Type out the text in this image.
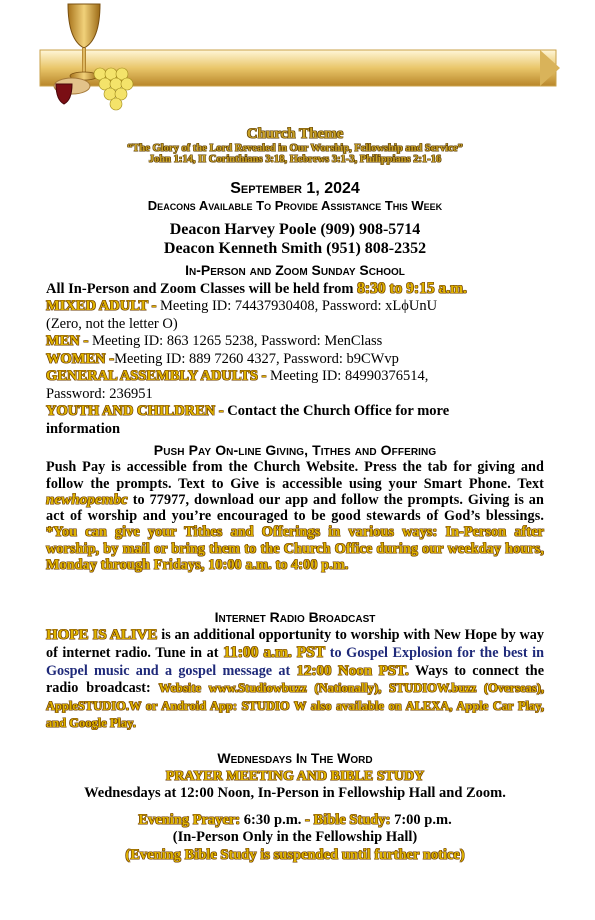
Church Theme
“The Glory of the Lord Revealed in Our Worship, Fellowship and Service”
John 1:14, II Corinthians 3:18, Hebrews 3:1-3, Philippians 2:1-16
September 1, 2024
Deacons Available To Provide Assistance This Week
Deacon Harvey Poole (909) 908-5714
Deacon Kenneth Smith (951) 808-2352
In-Person and Zoom Sunday School
All In-Person and Zoom Classes will be held from 8:30 to 9:15 a.m.
MIXED ADULT - Meeting ID: 74437930408, Password: xLϕUnU
(Zero, not the letter O)
MEN - Meeting ID: 863 1265 5238, Password: MenClass
WOMEN -Meeting ID: 889 7260 4327, Password: b9CWvp
GENERAL ASSEMBLY ADULTS - Meeting ID: 84990376514,
Password: 236951
YOUTH AND CHILDREN - Contact the Church Office for more
information
Push Pay On-line Giving, Tithes and Offering
Push Pay is accessible from the Church Website. Press the tab for giving and follow the prompts. Text to Give is accessible using your Smart Phone. Text newhopembc to 77977, download our app and follow the prompts. Giving is an act of worship and you’re encouraged to be good stewards of God’s blessings. *You can give your Tithes and Offerings in various ways: In-Person after worship, by mail or bring them to the Church Office during our weekday hours, Monday through Fridays, 10:00 a.m. to 4:00 p.m.
Internet Radio Broadcast
HOPE IS ALIVE is an additional opportunity to worship with New Hope by way of internet radio. Tune in at 11:00 a.m. PST to Gospel Explosion for the best in Gospel music and a gospel message at 12:00 Noon PST. Ways to connect the radio broadcast: Website www.Studiowbuzz (Nationally), STUDIOW.buzz (Overseas), AppleSTUDIO.W or Android App: STUDIO W also available on ALEXA, Apple Car Play, and Google Play.
Wednesdays In The Word
PRAYER MEETING AND BIBLE STUDY
Wednesdays at 12:00 Noon, In-Person in Fellowship Hall and Zoom.
Evening Prayer: 6:30 p.m. - Bible Study: 7:00 p.m.
(In-Person Only in the Fellowship Hall)
(Evening Bible Study is suspended until further notice)
